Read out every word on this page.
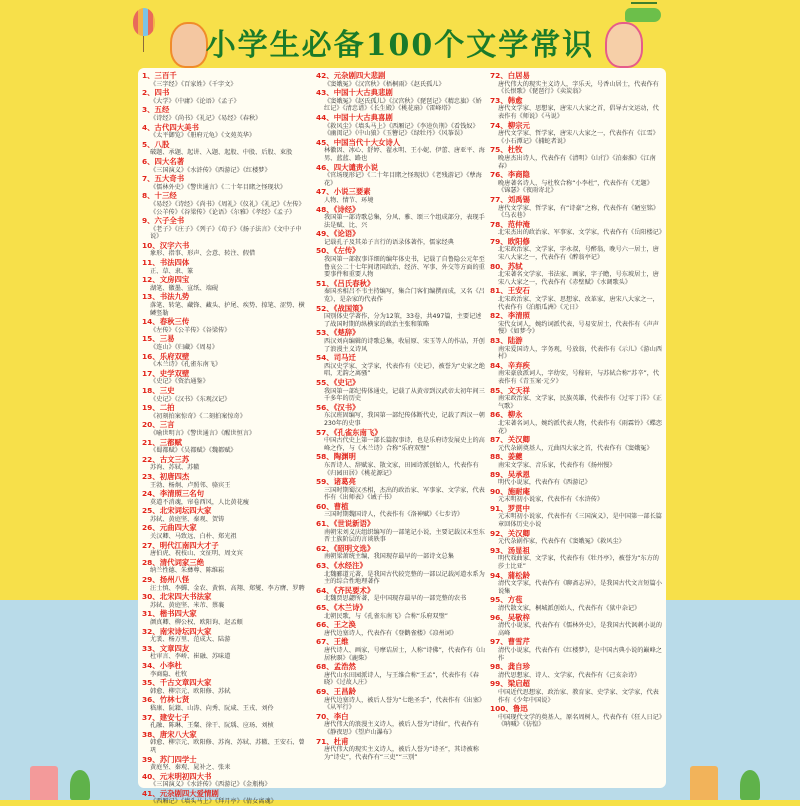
小学生必备100个文学常识
1、三百千
《三字经》《百家姓》《千字文》
2、四书
《大学》《中庸》《论语》《孟子》
3、五经
《诗经》《尚书》《礼记》《易经》《春秋》
4、古代四大美书
《太平御览》《册府元龟》《文苑英华》
5、八股
破题、承题、起讲、入题、起股、中股、后股、束股
6、四大名著
《三国演义》《水浒传》《西游记》《红楼梦》
7、五大奇书
《儒林外史》《警世通言》《二十年目睹之怪现状》
8、十三经
《易经》《诗经》《尚书》《周礼》《仪礼》《礼记》《左传》《公羊传》《谷梁传》《论语》《尔雅》《孝经》《孟子》
9、六子全书
《老子》《庄子》《列子》《荀子》《扬子法言》《文中子中说》
10、汉字六书
象形、指事、形声、会意、转注、假借
11、书法四体
正、草、隶、篆
12、文房四宝
湖笔、徽墨、宣纸、端砚
13、书法九势
落笔、转笔、藏锋、藏头、护尾、疾势、掠笔、涩势、横鳞竖勒
14、春秋三传
《左传》《公羊传》《谷梁传》
15、三易
《连山》《归藏》《周易》
16、乐府双壁
《木兰诗》《孔雀东南飞》
17、史学双壁
《史记》《资治通鉴》
18、三史
《史记》《汉书》《东观汉记》
19、二拍
《初刻拍案惊奇》《二刻拍案惊奇》
20、三言
《喻世明言》《警世通言》《醒世恒言》
21、三都赋
《蜀都赋》《吴都赋》《魏都赋》
22、古文三苏
苏洵、苏轼、苏辙
23、初唐四杰
王勃、杨炯、卢照邻、骆宾王
24、李清照三名句
莫道不消魂，帘卷西风，人比黄花瘦
25、北宋词坛四大家
苏轼、黄庭坚、秦观、贺铸
26、元曲四大家
关汉卿、马致远、白朴、郑光祖
27、明代江南四大才子
唐伯虎、祝枝山、文征明、周文宾
28、清代词家三绝
纳兰性德、朱彝尊、陈维崧
29、扬州八怪
汪士慎、李鱓、金农、黄慎、高翔、郑燮、李方膺、罗聘
30、北宋四大书法家
苏轼、黄庭坚、米芾、蔡襄
31、楷书四大家
颜真卿、柳公权、欧阳询、赵孟頫
32、南宋诗坛四大家
尤袤、杨万里、范成大、陆游
33、文章四友
杜审言、李峤、崔融、苏味道
34、小李杜
李商隐、杜牧
35、千古文章四大家
韩愈、柳宗元、欧阳修、苏轼
36、竹林七贤
嵇康、阮籍、山涛、向秀、阮咸、王戎、刘伶
37、建安七子
孔融、陈琳、王粲、徐干、阮瑀、应玚、刘桢
38、唐宋八大家
韩愈、柳宗元、欧阳修、苏洵、苏轼、苏辙、王安石、曾巩
39、苏门四学士
黄庭坚、秦观、晁补之、张耒
40、元末明初四大书
《三国演义》《水浒传》《西游记》《金瓶梅》
41、元杂剧四大爱情剧
《西厢记》《墙头马上》《拜月亭》《倩女离魂》
42、元杂剧四大悲剧
《窦娥冤》《汉宫秋》《梧桐雨》《赵氏孤儿》
43、中国十大古典悲剧
《窦娥冤》《赵氏孤儿》《汉宫秋》《琵琶记》《精忠旗》《娇红记》《清忠谱》《长生殿》《桃花扇》《雷峰塔》
44、中国十大古典喜剧
《救风尘》《墙头马上》《西厢记》《李逵负荆》《看钱奴》《幽闺记》《中山狼》《玉簪记》《绿牡丹》《风筝误》
45、中国当代十大女诗人
林徽因、冰心、舒婷、翟永明、王小妮、伊蕾、唐亚平、海男、蓝蓝、路也
46、四大谴责小说
《官场现形记》《二十年目睹之怪现状》《老残游记》《孽海花》
47、小说三要素
人物、情节、环境
48、《诗经》
我国第一部诗歌总集，分风、雅、颂三个组成部分，表现手法是赋、比、兴
49、《论语》
记载孔子及其弟子言行的语录体著作，儒家经典
50、《左传》
我国第一部叙事详细的编年体史书，记载了自鲁隐公元年至鲁哀公二十七年间诸国政治、经济、军事、外交等方面的重要事件和重要人物
51、《吕氏春秋》
秦国丞相吕不韦主持编写，集合门客们编撰而成，又名《吕览》，是杂家的代表作
52、《战国策》
国别体史学著作，分为12策，33卷，共497篇，主要记述了战国时期的纵横家的政治主张和策略
53、《楚辞》
西汉刘向编辑的诗歌总集，收屈原、宋玉等人的作品，开创了浪漫主义诗风
54、司马迁
西汉史学家、文学家，代表作有《史记》，被誉为“史家之绝唱，无韵之离骚”
55、《史记》
我国第一部纪传体通史，记载了从黄帝到汉武帝太初年间三千多年的历史
56、《汉书》
东汉班固编写，我国第一部纪传体断代史，记载了西汉一朝230年的史事
57、《孔雀东南飞》
中国古代史上第一部长篇叙事诗，也是乐府诗发展史上的高峰之作，与《木兰诗》合称“乐府双璧”
58、陶渊明
东晋诗人、辞赋家、散文家，田园诗派创始人，代表作有《归园田居》《桃花源记》
59、诸葛亮
三国时期蜀汉丞相，杰出的政治家、军事家、文学家，代表作有《出师表》《诫子书》
60、曹植
三国时期魏国诗人，代表作有《洛神赋》《七步诗》
61、《世说新语》
南朝宋刘义庆组织编写的一部笔记小说，主要记载汉末至东晋士族阶层的言谈轶事
62、《昭明文选》
南朝梁萧统主编，我国现存最早的一部诗文总集
63、《水经注》
北魏郦道元著，是我国古代较完整的一部以记载河道水系为主的综合性地理著作
64、《齐民要术》
北魏贾思勰所著，是中国现存最早的一部完整的农书
65、《木兰诗》
北朝民歌，与《孔雀东南飞》合称“乐府双璧”
66、王之涣
唐代边塞诗人，代表作有《登鹳雀楼》《凉州词》
67、王维
唐代诗人、画家，号摩诘居士，人称“诗佛”，代表作有《山居秋暝》《鹿柴》
68、孟浩然
唐代山水田园派诗人，与王维合称“王孟”，代表作有《春晓》《过故人庄》
69、王昌龄
唐代边塞诗人，被后人誉为“七绝圣手”，代表作有《出塞》《从军行》
70、李白
唐代伟大的浪漫主义诗人，被后人誉为“诗仙”，代表作有《静夜思》《望庐山瀑布》
71、杜甫
唐代伟大的现实主义诗人，被后人誉为“诗圣”，其诗被称为“诗史”，代表作有“三吏”“三别”
72、白居易
唐代伟大的现实主义诗人，字乐天，号香山居士，代表作有《长恨歌》《琵琶行》《卖炭翁》
73、韩愈
唐代文学家、思想家，唐宋八大家之首，倡导古文运动，代表作有《师说》《马说》
74、柳宗元
唐代文学家、哲学家，唐宋八大家之一，代表作有《江雪》《小石潭记》《捕蛇者说》
75、杜牧
晚唐杰出诗人，代表作有《清明》《山行》《泊秦淮》《江南春》
76、李商隐
晚唐著名诗人，与杜牧合称“小李杜”，代表作有《无题》《锦瑟》《夜雨寄北》
77、刘禹锡
唐代文学家、哲学家，有“诗豪”之称，代表作有《陋室铭》《乌衣巷》
78、范仲淹
北宋杰出的政治家、军事家、文学家，代表作有《岳阳楼记》
79、欧阳修
北宋政治家、文学家，字永叔，号醉翁，晚号六一居士，唐宋八大家之一，代表作有《醉翁亭记》
80、苏轼
北宋著名文学家、书法家、画家，字子瞻，号东坡居士，唐宋八大家之一，代表作有《赤壁赋》《水调歌头》
81、王安石
北宋政治家、文学家、思想家、改革家，唐宋八大家之一，代表作有《泊船瓜洲》《元日》
82、李清照
宋代女词人，婉约词派代表，号易安居士，代表作有《声声慢》《如梦令》
83、陆游
南宋爱国诗人，字务观，号放翁，代表作有《示儿》《游山西村》
84、辛弃疾
南宋豪放派词人，字幼安，号稼轩，与苏轼合称“苏辛”，代表作有《青玉案·元夕》
85、文天祥
南宋政治家、文学家，民族英雄，代表作有《过零丁洋》《正气歌》
86、柳永
北宋著名词人，婉约派代表人物，代表作有《雨霖铃》《蝶恋花》
87、关汉卿
元代杂剧奠基人，元曲四大家之首，代表作有《窦娥冤》
88、姜夔
南宋文学家、音乐家，代表作有《扬州慢》
89、吴承恩
明代小说家，代表作有《西游记》
90、施耐庵
元末明初小说家，代表作有《水浒传》
91、罗贯中
元末明初小说家，代表作有《三国演义》，是中国第一部长篇章回体历史小说
92、关汉卿
元代杂剧作家，代表作有《窦娥冤》《救风尘》
93、汤显祖
明代戏曲家、文学家，代表作有《牡丹亭》，被誉为“东方的莎士比亚”
94、蒲松龄
清代文学家，代表作有《聊斋志异》，是我国古代文言短篇小说集
95、方苞
清代散文家，桐城派创始人，代表作有《狱中杂记》
96、吴敬梓
清代小说家，代表作有《儒林外史》，是我国古代讽刺小说的高峰
97、曹雪芹
清代小说家，代表作有《红楼梦》，是中国古典小说的巅峰之作
98、龚自珍
清代思想家、诗人、文学家，代表作有《己亥杂诗》
99、梁启超
中国近代思想家、政治家、教育家、史学家、文学家，代表作有《少年中国说》
100、鲁迅
中国现代文学的奠基人，原名周树人，代表作有《狂人日记》《呐喊》《彷徨》
